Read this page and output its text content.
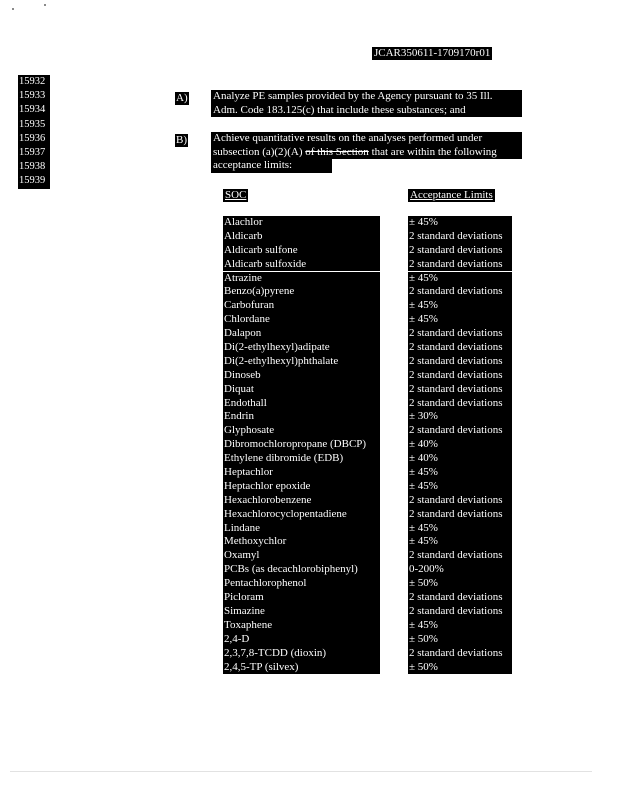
JCAR350611-1709170r01
15932
15933
15934
15935
15936
15937
15938
15939
A) Analyze PE samples provided by the Agency pursuant to 35 Ill.
Adm. Code 183.125(c) that include these substances; and
B) Achieve quantitative results on the analyses performed under
subsection (a)(2)(A) of this Section that are within the following
acceptance limits:
SOC	Acceptance Limits
Alachlor
Aldicarb
Aldicarb sulfone
Aldicarb sulfoxide
Atrazine
Benzo(a)pyrene
Carbofuran
Chlordane
Dalapon
Di(2-ethylhexyl)adipate
Di(2-ethylhexyl)phthalate
Dinoseb
Diquat
Endothall
Endrin
Glyphosate
Dibromochloropropane (DBCP)
Ethylene dibromide (EDB)
Heptachlor
Heptachlor epoxide
Hexachlorobenzene
Hexachlorocyclopentadiene
Lindane
Methoxychlor
Oxamyl
PCBs (as decachlorobiphenyl)
Pentachlorophenol
Picloram
Simazine
Toxaphene
2,4-D
2,3,7,8-TCDD (dioxin)
2,4,5-TP (silvex)
± 45%
2 standard deviations
2 standard deviations
2 standard deviations
± 45%
2 standard deviations
± 45%
± 45%
2 standard deviations
2 standard deviations
2 standard deviations
2 standard deviations
2 standard deviations
2 standard deviations
± 30%
2 standard deviations
± 40%
± 40%
± 45%
± 45%
2 standard deviations
2 standard deviations
± 45%
± 45%
2 standard deviations
0-200%
± 50%
2 standard deviations
2 standard deviations
± 45%
± 50%
2 standard deviations
± 50%
